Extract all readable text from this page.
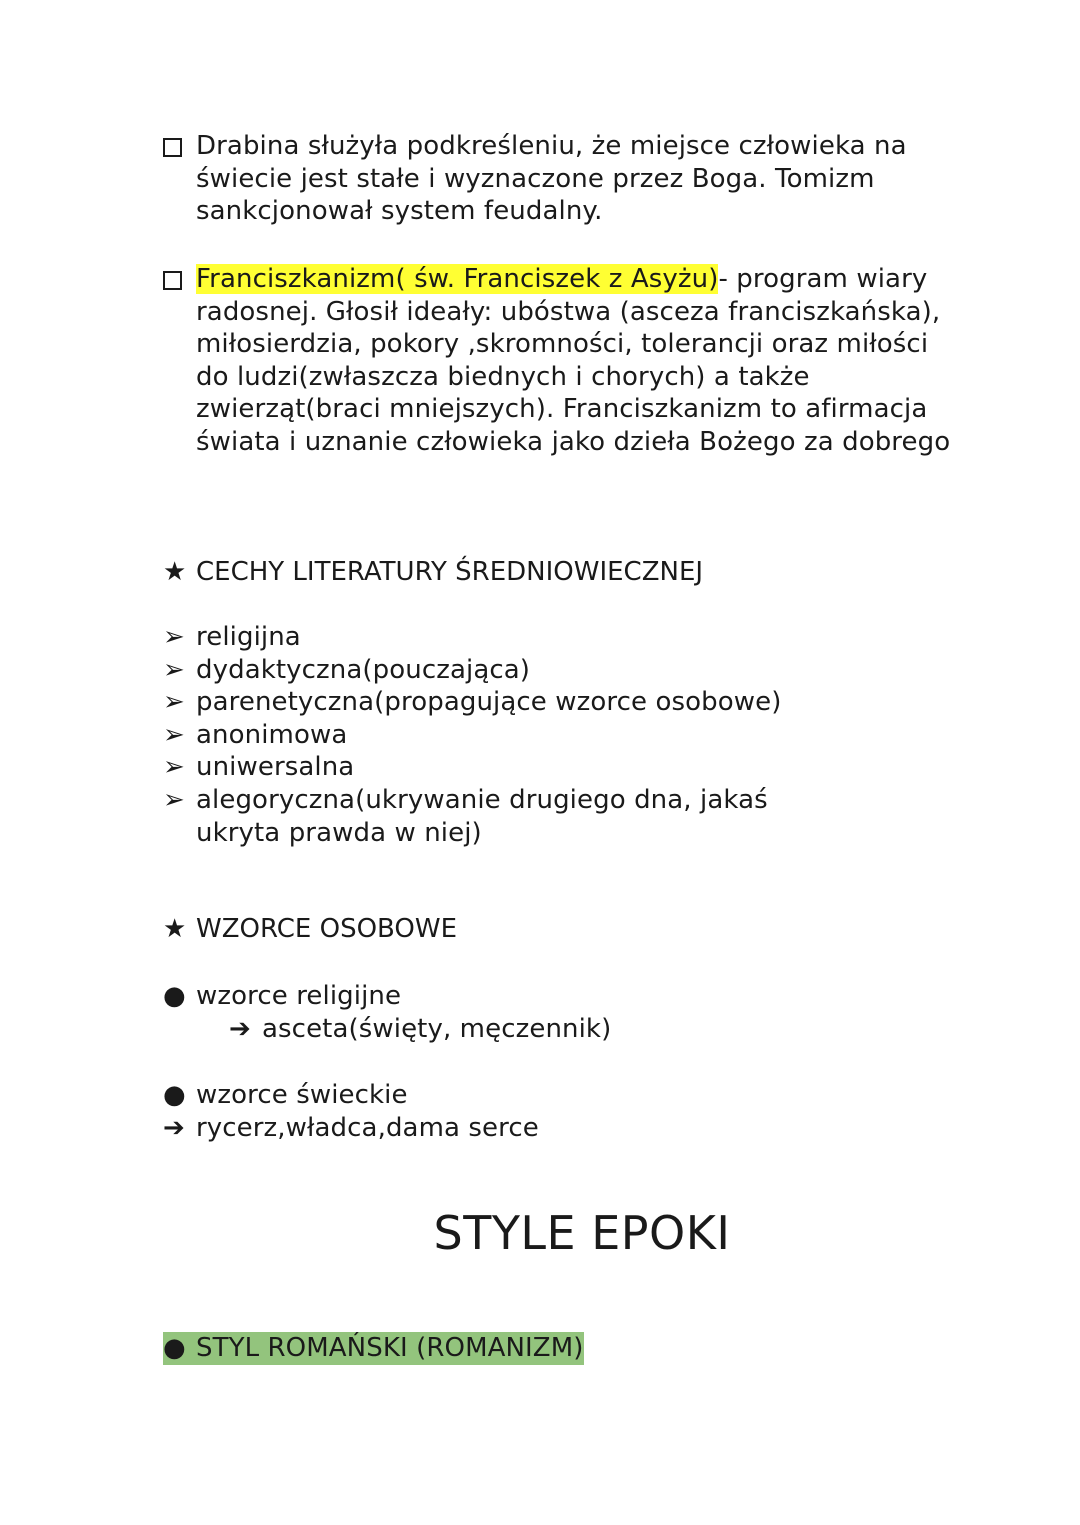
Drabina służyła podkreśleniu, że miejsce człowieka na świecie jest stałe i wyznaczone przez Boga. Tomizm sankcjonował system feudalny.
Franciszkanizm( św. Franciszek z Asyżu)- program wiary radosnej. Głosił ideały: ubóstwa (asceza franciszkańska), miłosierdzia, pokory ,skromności, tolerancji oraz miłości do ludzi(zwłaszcza biednych i chorych) a także zwierząt(braci mniejszych). Franciszkanizm to afirmacja świata i uznanie człowieka jako dzieła Bożego za dobrego
★ CECHY LITERATURY ŚREDNIOWIECZNEJ
➢ religijna
➢ dydaktyczna(pouczająca)
➢ parenetyczna(propagujące wzorce osobowe)
➢ anonimowa
➢ uniwersalna
➢ alegoryczna(ukrywanie drugiego dna, jakaś ukryta prawda w niej)
★ WZORCE OSOBOWE
● wzorce religijne
➔ asceta(święty, męczennik)
● wzorce świeckie
➔ rycerz,władca,dama serce
STYLE EPOKI
● STYL ROMAŃSKI (ROMANIZM)
